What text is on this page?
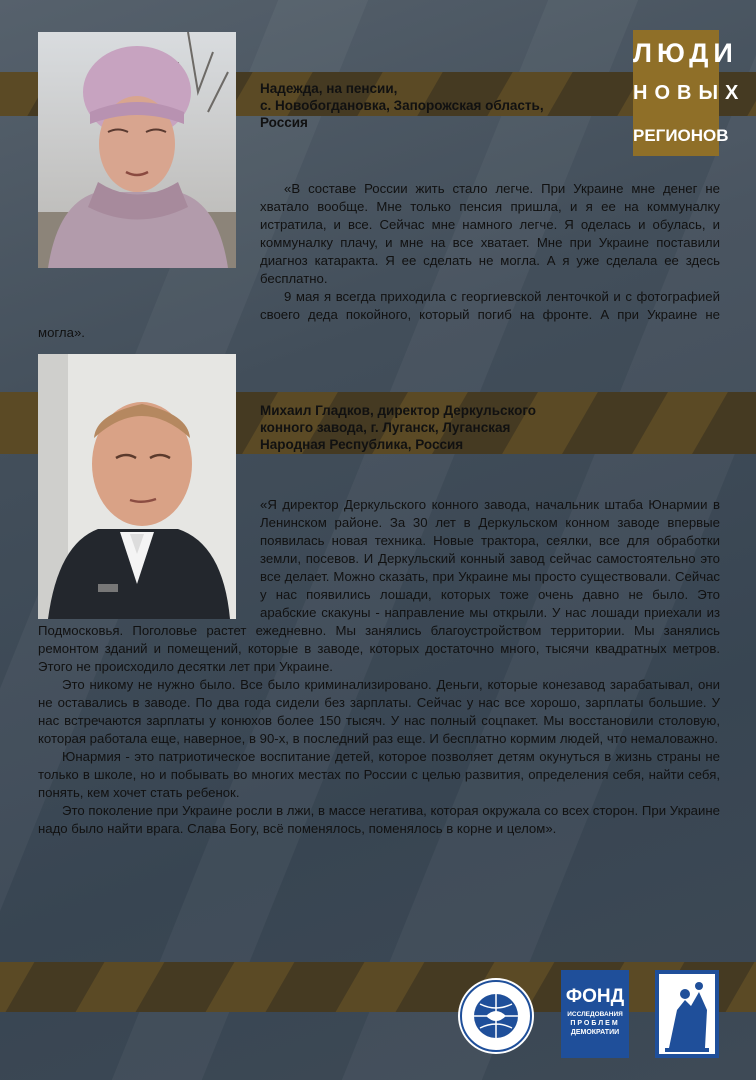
ЛЮДИ
НОВЫХ
РЕГИОНОВ
Надежда, на пенсии,
с. Новобогдановка, Запорожская область,
Россия

«В составе России жить стало легче. При Украине мне денег не хватало вообще. Мне только пенсия пришла, и я ее на коммуналку истратила, и все. Сейчас мне намного легче. Я оделась и обулась, и коммуналку плачу, и мне на все хватает. Мне при Украине поставили диагноз катаракта. Я ее сделать не могла. А я уже сделала ее здесь бесплатно.

9 мая я всегда приходила с георгиевской ленточкой и с фотографией своего деда покойного, который погиб на фронте. А при Украине не могла».

Михаил Гладков, директор Деркульского
конного завода, г. Луганск, Луганская
Народная Республика, Россия

«Я директор Деркульского конного завода, начальник штаба Юнармии в Ленинском районе. За 30 лет в Деркульском конном заводе впервые появилась новая техника. Новые трактора, сеялки, все для обработки земли, посевов. И Деркульский конный завод сейчас самостоятельно это все делает. Можно сказать, при Украине мы просто существовали. Сейчас у нас появились лошади, которых тоже очень давно не было. Это арабские скакуны - направление мы открыли. У нас лошади приехали из Подмосковья. Поголовье растет ежедневно. Мы занялись благоустройством территории. Мы занялись ремонтом зданий и помещений, которые в заводе, которых достаточно много, тысячи квадратных метров. Этого не происходило десятки лет при Украине.

Это никому не нужно было. Все было криминализировано. Деньги, которые конезавод зарабатывал, они не оставались в заводе. По два года сидели без зарплаты. Сейчас у нас все хорошо, зарплаты большие. У нас встречаются зарплаты у конюхов более 150 тысяч. У нас полный соцпакет. Мы восстановили столовую, которая работала еще, наверное, в 90-х, в последний раз еще. И бесплатно кормим людей, что немаловажно.

Юнармия - это патриотическое воспитание детей, которое позволяет детям окунуться в жизнь страны не только в школе, но и побывать во многих местах по России с целью развития, определения себя, найти себя, понять, кем хочет стать ребенок.

Это поколение при Украине росли в лжи, в массе негатива, которая окружала со всех сторон. При Украине надо было найти врага. Слава Богу, всё поменялось, поменялось в корне и целом».

ФОНД
ИССЛЕДОВАНИЯ
ПРОБЛЕМ
ДЕМОКРАТИИ
